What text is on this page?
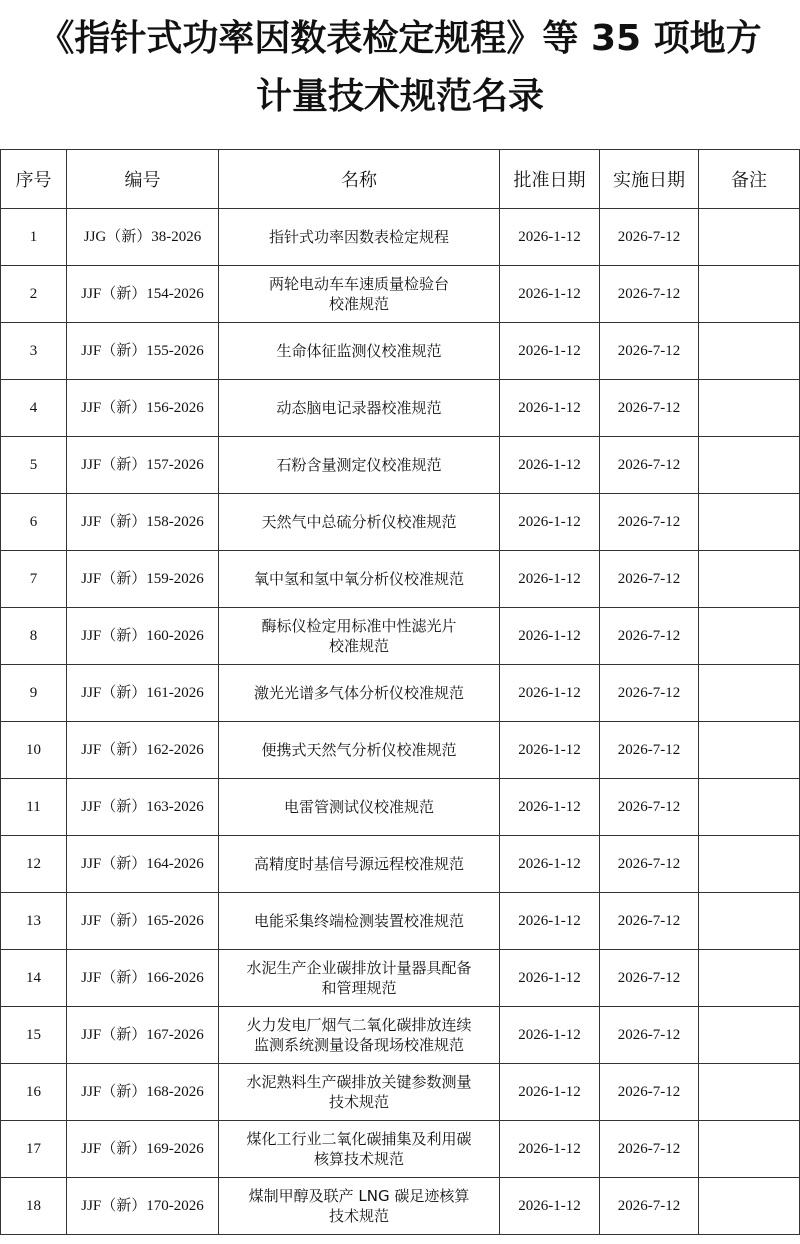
《指针式功率因数表检定规程》等 35 项地方
计量技术规范名录
序号	编号	名称	批准日期	实施日期	备注
1	JJG（新）38-2026	指针式功率因数表检定规程	2026-1-12	2026-7-12	
2	JJF（新）154-2026	两轮电动车车速质量检验台
校准规范	2026-1-12	2026-7-12	
3	JJF（新）155-2026	生命体征监测仪校准规范	2026-1-12	2026-7-12	
4	JJF（新）156-2026	动态脑电记录器校准规范	2026-1-12	2026-7-12	
5	JJF（新）157-2026	石粉含量测定仪校准规范	2026-1-12	2026-7-12	
6	JJF（新）158-2026	天然气中总硫分析仪校准规范	2026-1-12	2026-7-12	
7	JJF（新）159-2026	氧中氢和氢中氧分析仪校准规范	2026-1-12	2026-7-12	
8	JJF（新）160-2026	酶标仪检定用标准中性滤光片
校准规范	2026-1-12	2026-7-12	
9	JJF（新）161-2026	激光光谱多气体分析仪校准规范	2026-1-12	2026-7-12	
10	JJF（新）162-2026	便携式天然气分析仪校准规范	2026-1-12	2026-7-12	
11	JJF（新）163-2026	电雷管测试仪校准规范	2026-1-12	2026-7-12	
12	JJF（新）164-2026	高精度时基信号源远程校准规范	2026-1-12	2026-7-12	
13	JJF（新）165-2026	电能采集终端检测装置校准规范	2026-1-12	2026-7-12	
14	JJF（新）166-2026	水泥生产企业碳排放计量器具配备
和管理规范	2026-1-12	2026-7-12	
15	JJF（新）167-2026	火力发电厂烟气二氧化碳排放连续
监测系统测量设备现场校准规范	2026-1-12	2026-7-12	
16	JJF（新）168-2026	水泥熟料生产碳排放关键参数测量
技术规范	2026-1-12	2026-7-12	
17	JJF（新）169-2026	煤化工行业二氧化碳捕集及利用碳
核算技术规范	2026-1-12	2026-7-12	
18	JJF（新）170-2026	煤制甲醇及联产 LNG 碳足迹核算
技术规范	2026-1-12	2026-7-12	
